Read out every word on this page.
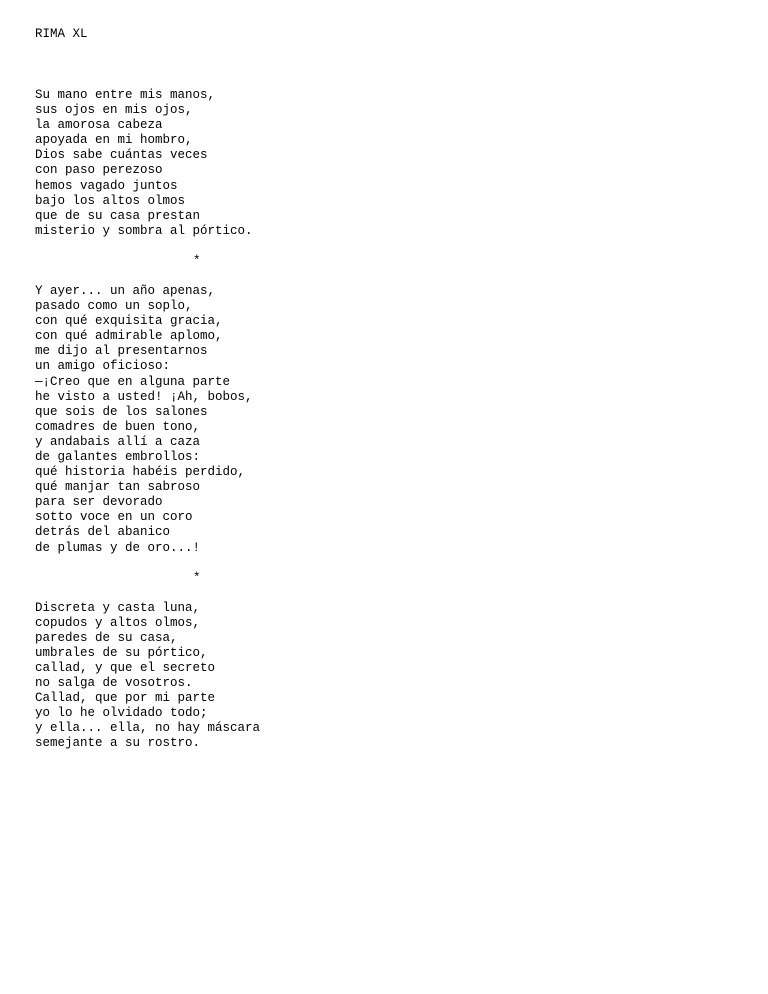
RIMA XL
Su mano entre mis manos,
sus ojos en mis ojos,
la amorosa cabeza
apoyada en mi hombro,
Dios sabe cuántas veces
con paso perezoso
hemos vagado juntos
bajo los altos olmos
que de su casa prestan
misterio y sombra al pórtico.
*
Y ayer... un año apenas,
pasado como un soplo,
con qué exquisita gracia,
con qué admirable aplomo,
me dijo al presentarnos
un amigo oficioso:
—¡Creo que en alguna parte
he visto a usted! ¡Ah, bobos,
que sois de los salones
comadres de buen tono,
y andabais allí a caza
de galantes embrollos:
qué historia habéis perdido,
qué manjar tan sabroso
para ser devorado
sotto voce en un coro
detrás del abanico
de plumas y de oro...!
*
Discreta y casta luna,
copudos y altos olmos,
paredes de su casa,
umbrales de su pórtico,
callad, y que el secreto
no salga de vosotros.
Callad, que por mi parte
yo lo he olvidado todo;
y ella... ella, no hay máscara
semejante a su rostro.
